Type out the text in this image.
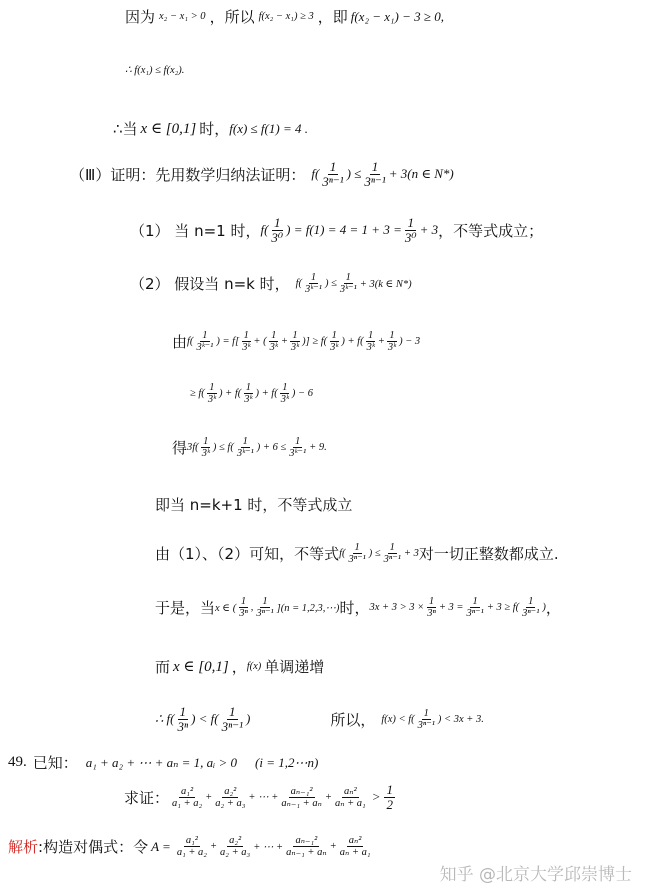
因为 x₂ − x₁ > 0 ，所以 f(x₂ − x₁) ≥ 3 ，即 f(x₂ − x₁) − 3 ≥ 0,
∴ f(x₁) ≤ f(x₂).
∴当 x ∈ [0,1] 时， f(x) ≤ f(1) = 4 .
（Ⅲ）证明：先用数学归纳法证明： $f( \frac{1}{\text{3ⁿ⁻¹}}$ ) ≤ $\frac{1}{\text{3ⁿ⁻¹}} + 3(n$ ∈ N*)
（1） 当 n=1 时， $f( \frac{1}{\text{3⁰}}$ ) = $f(1) = 4 = 1 + 3 = \frac{1}{\text{3⁰}} + 3$ ，不等式成立；
（2） 假设当 n=k 时， $f( \frac{1}{\text{3ᵏ⁻¹}}$ ) ≤ $\frac{1}{\text{3ᵏ⁻¹}} + 3(k$ ∈ N*)
由 $f( \frac{1}{\text{3ᵏ⁻¹}}$ ) = $f[ \frac{1}{\text{3ᵏ}}$ + ( $\frac{1}{\text{3ᵏ}} + \frac{1}{\text{3ᵏ}}$ )] ≥ $f( \frac{1}{\text{3ᵏ}}$ ) + $f( \frac{1}{\text{3ᵏ}} + \frac{1}{\text{3ᵏ}}$ ) − 3
≥ $f( \frac{1}{\text{3ᵏ}}$ ) + $f( \frac{1}{\text{3ᵏ}}$ ) + $f( \frac{1}{\text{3ᵏ}}$ ) − 6
得 $3f( \frac{1}{\text{3ᵏ}}$ ) ≤ $f( \frac{1}{\text{3ᵏ⁻¹}}$ ) + $6 \le \frac{1}{\text{3ᵏ⁻¹}} + 9$.
即当 n=k+1 时，不等式成立
由（1）、（2）可知，不等式 $f( \frac{1}{\text{3ⁿ⁻¹}}$ ) ≤ $\frac{1}{\text{3ⁿ⁻¹}} + 3$ 对一切正整数都成立.
于是，当 x ∈ ( $\frac{1}{\text{3ⁿ}}$ , $\frac{1}{\text{3ⁿ⁻¹}} ](n$ = 1,2,3,⋯) 时， $3x + 3 > 3 \times \frac{1}{\text{3ⁿ}} + 3 = \frac{1}{\text{3ⁿ⁻¹}} + 3 \ge f( \frac{1}{\text{3ⁿ⁻¹}}$ ) ，
而 x ∈ [0,1] ， f(x) 单调递增
∴ $f( \frac{1}{\text{3ⁿ}}$ ) < $f( \frac{1}{\text{3ⁿ⁻¹}}$ )	所以， $f(x) < f( \frac{1}{\text{3ⁿ⁻¹}}$ ) < 3x + 3.
49. 已知： a₁ + a₂ + ⋯ + aₙ = 1, aᵢ > 0 (i = 1,2⋯n)
求证： $\frac{\text{a₁²}}{\text{a₁ + a₂}} + \frac{\text{a₂²}}{\text{a₂ + a₃}}$ + ⋯ + $\frac{\text{aₙ₋₁²}}{\text{aₙ₋₁ + aₙ}} + \frac{\text{aₙ²}}{\text{aₙ + a₁}} > \frac{1}{2}$
解析 :构造对偶式：令 $A = \frac{\text{a₁²}}{\text{a₁ + a₂}} + \frac{\text{a₂²}}{\text{a₂ + a₃}}$ + ⋯ + $\frac{\text{aₙ₋₁²}}{\text{aₙ₋₁ + aₙ}} + \frac{\text{aₙ²}}{\text{aₙ + a₁}}$
知乎 @北京大学邱崇博士
